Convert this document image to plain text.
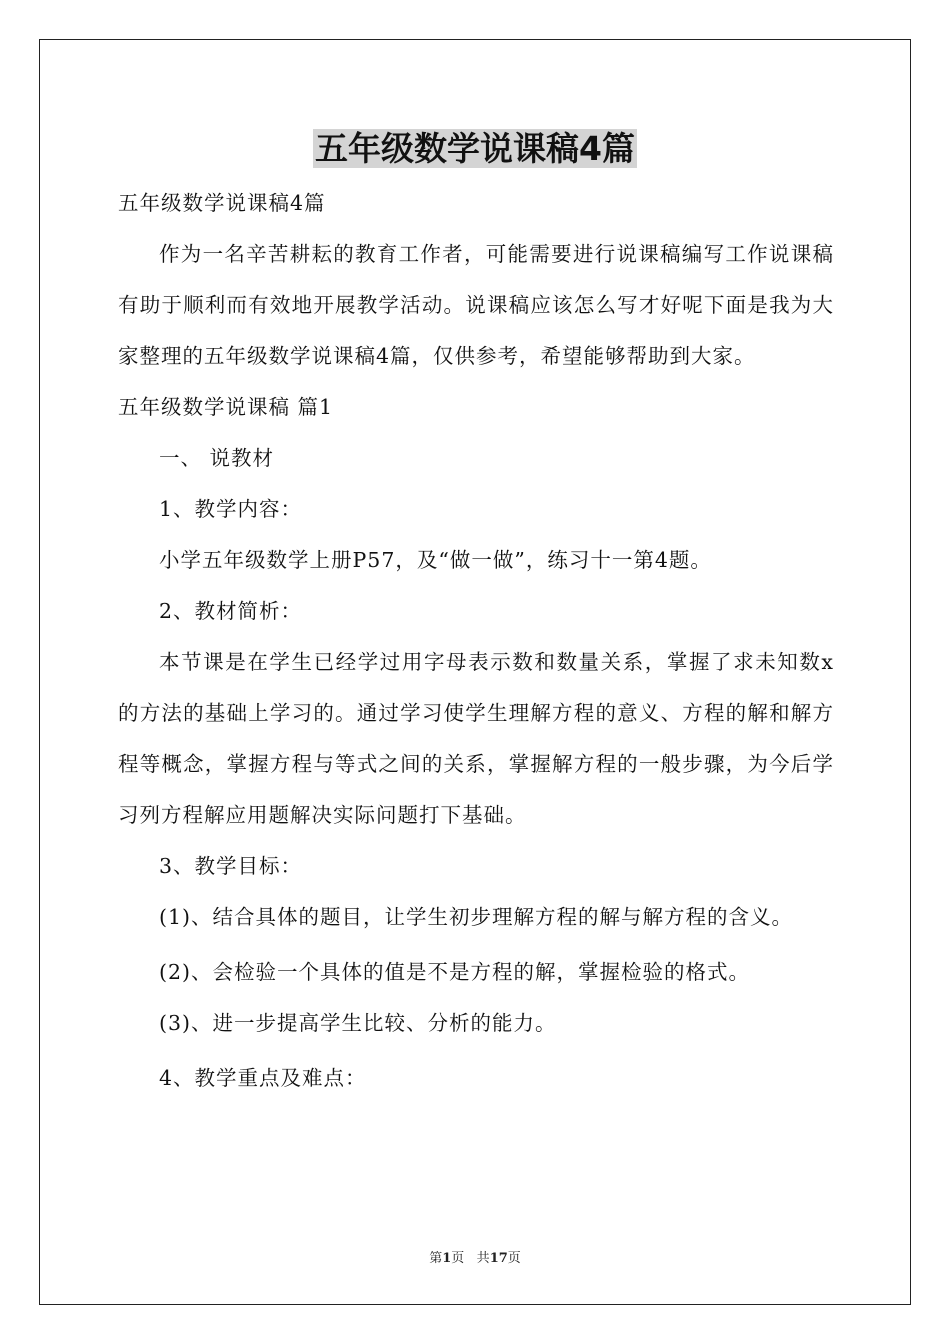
五年级数学说课稿4篇

五年级数学说课稿4篇

作为一名辛苦耕耘的教育工作者，可能需要进行说课稿编写工作说课稿有助于顺利而有效地开展教学活动。说课稿应该怎么写才好呢下面是我为大家整理的五年级数学说课稿4篇，仅供参考，希望能够帮助到大家。

五年级数学说课稿 篇1

一、 说教材

1、教学内容：

小学五年级数学上册P57，及“做一做”，练习十一第4题。

2、教材简析：

本节课是在学生已经学过用字母表示数和数量关系，掌握了求未知数x的方法的基础上学习的。通过学习使学生理解方程的意义、方程的解和解方程等概念，掌握方程与等式之间的关系，掌握解方程的一般步骤，为今后学习列方程解应用题解决实际问题打下基础。

3、教学目标：

(1)、结合具体的题目，让学生初步理解方程的解与解方程的含义。

(2)、会检验一个具体的值是不是方程的解，掌握检验的格式。

(3)、进一步提高学生比较、分析的能力。

4、教学重点及难点：

第1页 共17页
